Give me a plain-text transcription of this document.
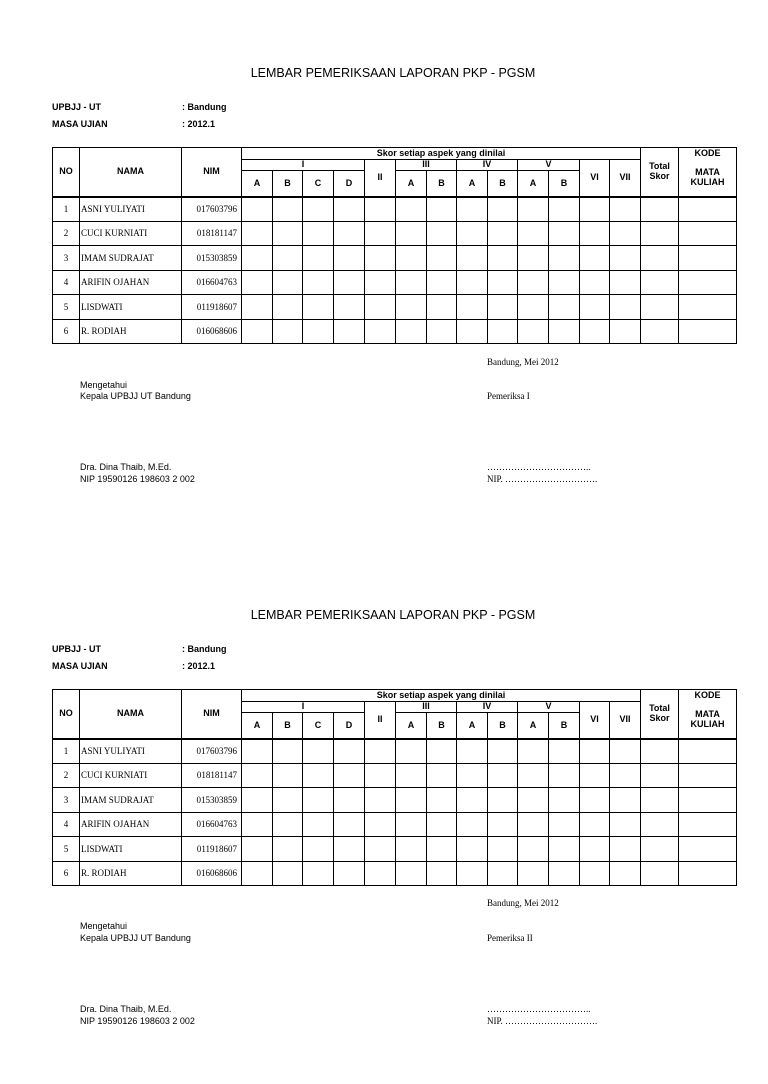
LEMBAR PEMERIKSAAN LAPORAN PKP - PGSM
UPBJJ - UT	: Bandung
MASA UJIAN	: 2012.1
NO	NAMA	NIM	Skor setiap aspek yang dinilai													Total Skor	KODE
			I				II	III		IV		V		VI	VII		MATA KULIAH
			A	B	C	D		A	B	A	B	A	B				
1	ASNI YULIYATI	017603796															
2	CUCI KURNIATI	018181147															
3	IMAM SUDRAJAT	015303859															
4	ARIFIN OJAHAN	016604763															
5	LISDWATI	011918607															
6	R. RODIAH	016068606															
Bandung, Mei 2012
Mengetahui
Kepala UPBJJ UT Bandung	Pemeriksa I
Dra. Dina Thaib, M.Ed.
NIP 19590126 198603 2 002
……………………………..
NIP. ………………………….
LEMBAR PEMERIKSAAN LAPORAN PKP - PGSM
UPBJJ - UT	: Bandung
MASA UJIAN	: 2012.1
NO	NAMA	NIM	Skor setiap aspek yang dinilai													Total Skor	KODE
			I				II	III		IV		V		VI	VII		MATA KULIAH
			A	B	C	D		A	B	A	B	A	B				
1	ASNI YULIYATI	017603796															
2	CUCI KURNIATI	018181147															
3	IMAM SUDRAJAT	015303859															
4	ARIFIN OJAHAN	016604763															
5	LISDWATI	011918607															
6	R. RODIAH	016068606															
Bandung, Mei 2012
Mengetahui
Kepala UPBJJ UT Bandung	Pemeriksa II
Dra. Dina Thaib, M.Ed.
NIP 19590126 198603 2 002
……………………………..
NIP. ………………………….
